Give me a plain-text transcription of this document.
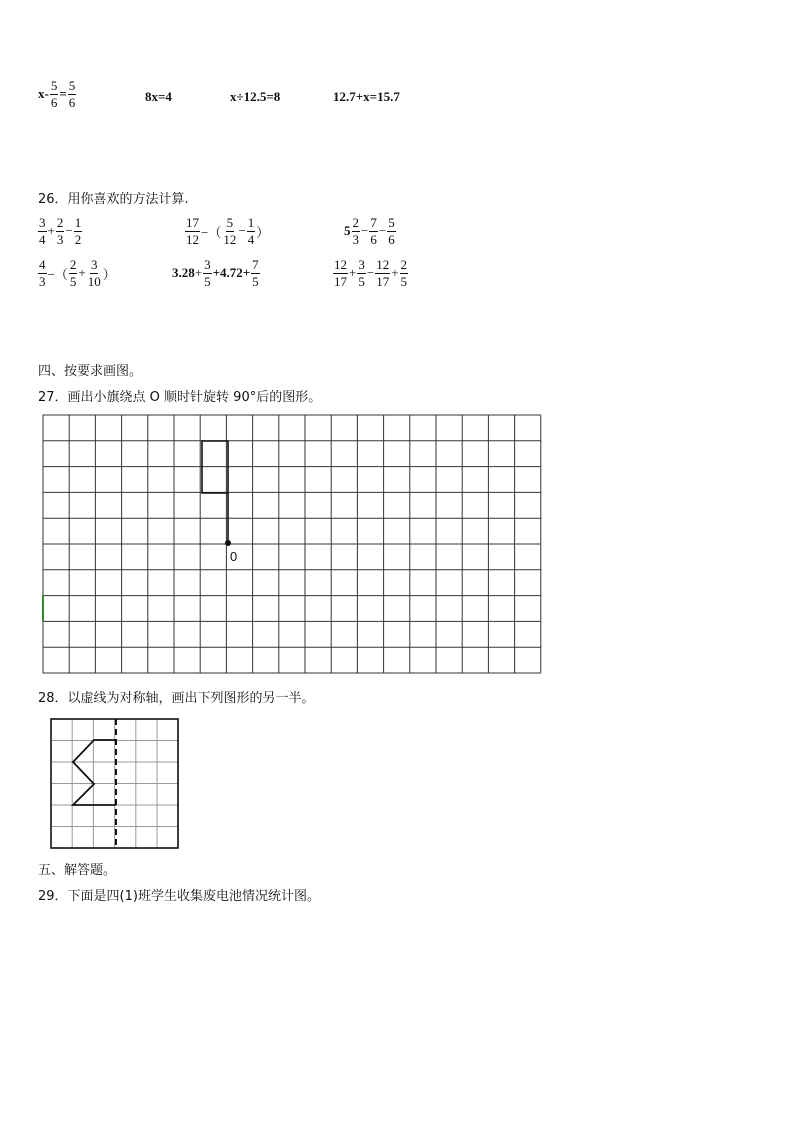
$x- \frac{5}{6} = \frac{5}{6}$	8x=4	x÷12.5=8	12.7+x=15.7
26．用你喜欢的方法计算.
$\frac{3}{4} + \frac{2}{3} - \frac{1}{2}$	$\frac{17}{12}$ −（ $\frac{5}{12} - \frac{1}{4}$ ）	$5 \frac{2}{3} - \frac{7}{6} - \frac{5}{6}$
$\frac{4}{3}$ −（ $\frac{2}{5} + \frac{3}{10}$ ）	$3.28 + \frac{3}{5} +4.72+ \frac{7}{5}$	$\frac{12}{17} + \frac{3}{5} - \frac{12}{17} + \frac{2}{5}$
四、按要求画图。
27．画出小旗绕点 O 顺时针旋转 90°后的图形。
0
28．以虚线为对称轴，画出下列图形的另一半。
五、解答题。
29．下面是四(1)班学生收集废电池情况统计图。
